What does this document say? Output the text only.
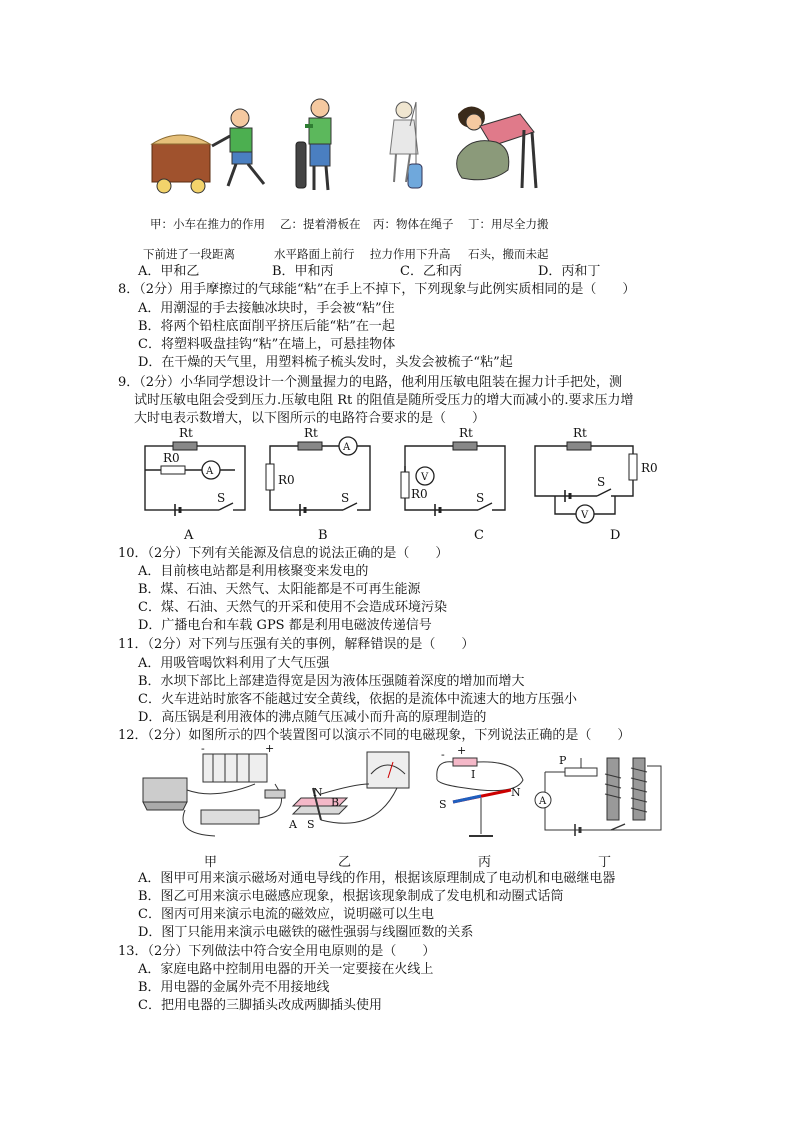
甲：小车在推力的作用 乙：提着滑板在 丙：物体在绳子 丁：用尽全力搬
下前进了一段距离	水平路面上前行 拉力作用下升高 石头，搬而未起
A．甲和乙	B．甲和丙	C．乙和丙	D．丙和丁
8．（2分）用手摩擦过的气球能“粘”在手上不掉下，下列现象与此例实质相同的是（　　）
A．用潮湿的手去接触冰块时，手会被“粘”住
B．将两个铅柱底面削平挤压后能“粘”在一起
C．将塑料吸盘挂钩“粘”在墙上，可悬挂物体
D．在干燥的天气里，用塑料梳子梳头发时，头发会被梳子“粘”起
9．（2分）小华同学想设计一个测量握力的电路，他利用压敏电阻装在握力计手把处，测
试时压敏电阻会受到压力.压敏电阻 Rt 的阻值是随所受压力的增大而减小的.要求压力增
大时电表示数增大，以下图所示的电路符合要求的是（　　）
Rt	Rt	Rt	Rt
R0
R0
R0
R0
A
A
V
V
S	S	S
S
A	B	C	D
10．（2分）下列有关能源及信息的说法正确的是（　　）
A．目前核电站都是利用核聚变来发电的
B．煤、石油、天然气、太阳能都是不可再生能源
C．煤、石油、天然气的开采和使用不会造成环境污染
D．广播电台和车载 GPS 都是利用电磁波传递信号
11．（2分）对下列与压强有关的事例，解释错误的是（　　）
A．用吸管喝饮料利用了大气压强
B．水坝下部比上部建造得宽是因为液体压强随着深度的增加而增大
C．火车进站时旅客不能越过安全黄线，依据的是流体中流速大的地方压强小
D．高压锅是利用液体的沸点随气压减小而升高的原理制造的
12．（2分）如图所示的四个装置图可以演示不同的电磁现象，下列说法正确的是（　　）
-	+
N
B
A S
- +
I
S
N
P
A
甲	乙	丙	丁
A．图甲可用来演示磁场对通电导线的作用，根据该原理制成了电动机和电磁继电器
B．图乙可用来演示电磁感应现象，根据该现象制成了发电机和动圈式话筒
C．图丙可用来演示电流的磁效应，说明磁可以生电
D．图丁只能用来演示电磁铁的磁性强弱与线圈匝数的关系
13．（2分）下列做法中符合安全用电原则的是（　　）
A．家庭电路中控制用电器的开关一定要接在火线上
B．用电器的金属外壳不用接地线
C．把用电器的三脚插头改成两脚插头使用
